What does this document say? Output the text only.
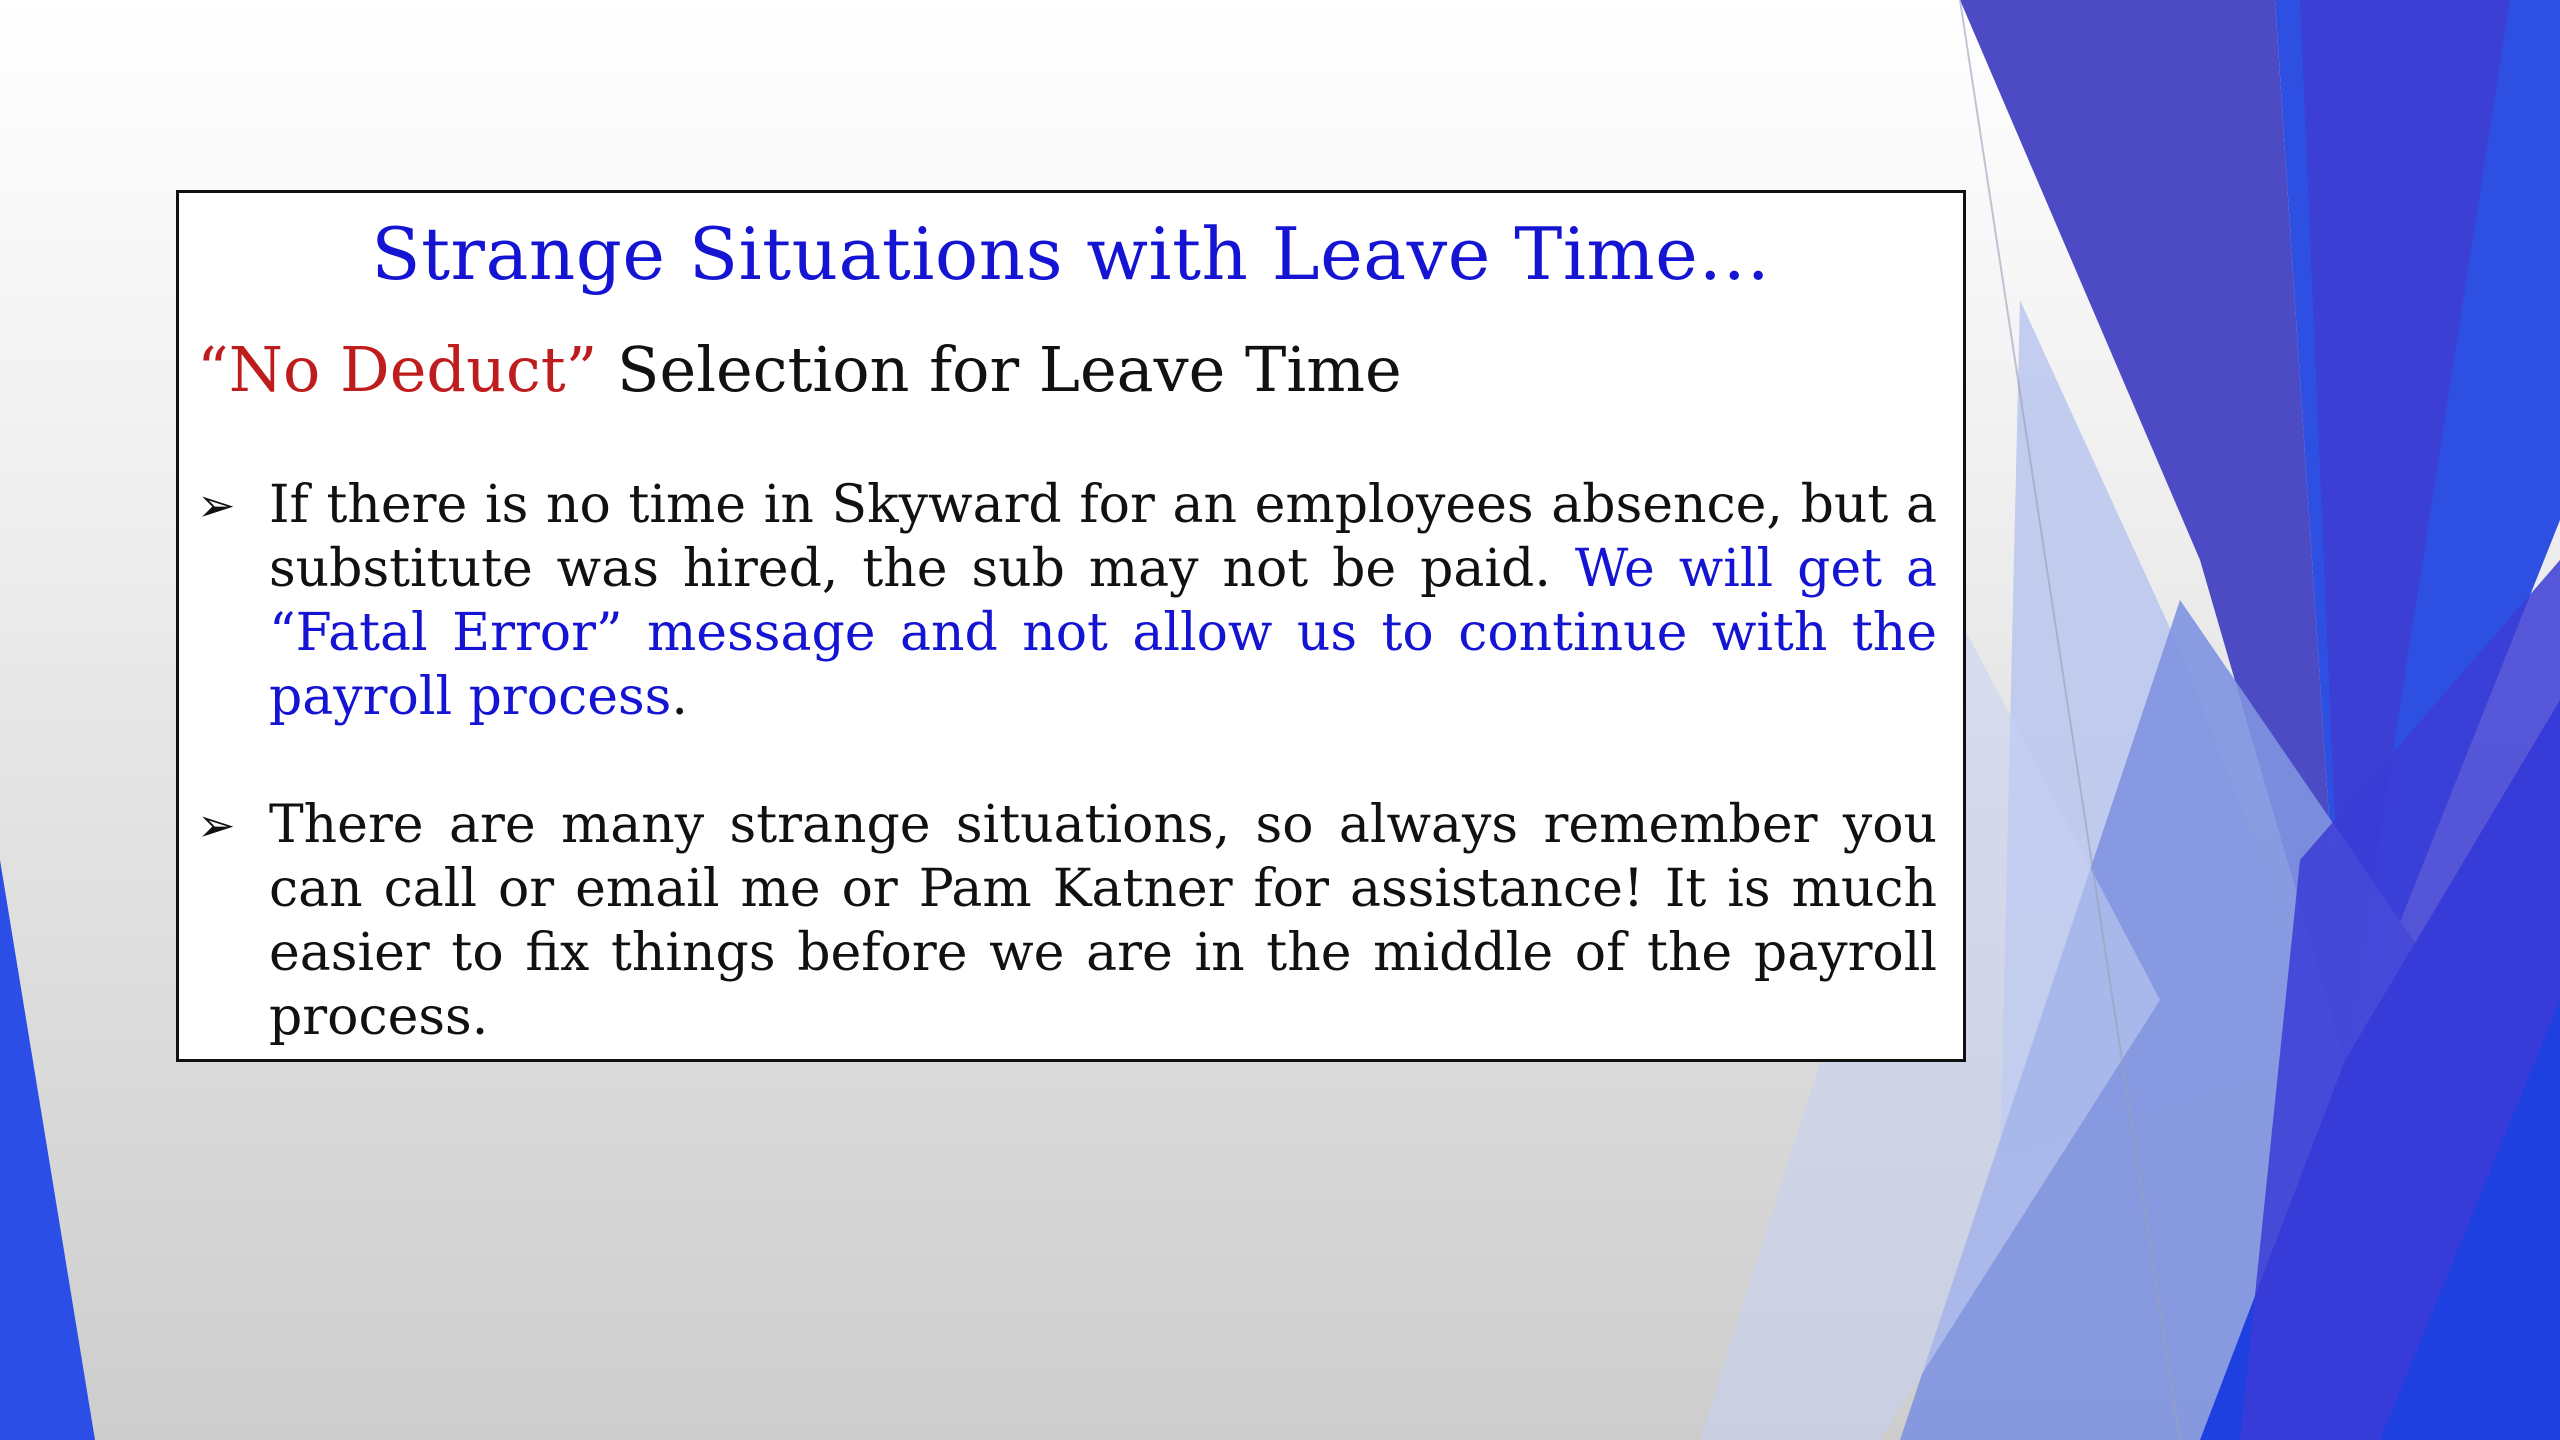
Strange Situations with Leave Time…
“No Deduct” Selection for Leave Time
➢ If there is no time in Skyward for an employees absence, but a substitute was hired, the sub may not be paid. We will get a “Fatal Error” message and not allow us to continue with the payroll process.
➢ There are many strange situations, so always remember you can call or email me or Pam Katner for assistance! It is much easier to fix things before we are in the middle of the payroll process.
